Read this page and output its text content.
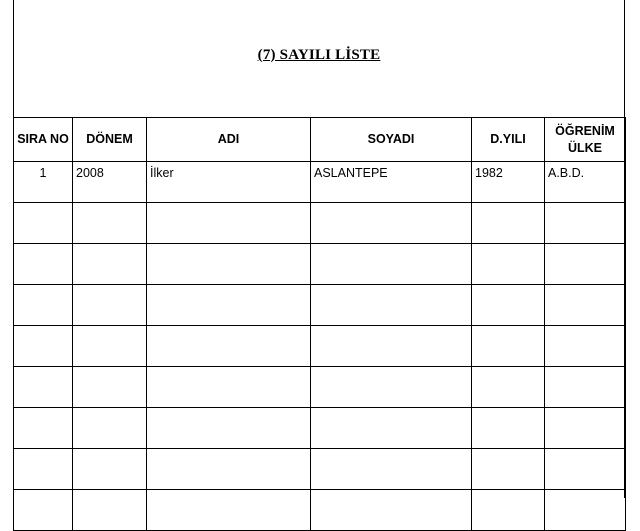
(7) SAYILI LİSTE
SIRA NO	DÖNEM	ADI	SOYADI	D.YILI	ÖĞRENİM ÜLKE
1	2008	İlker	ASLANTEPE	1982	A.B.D.
